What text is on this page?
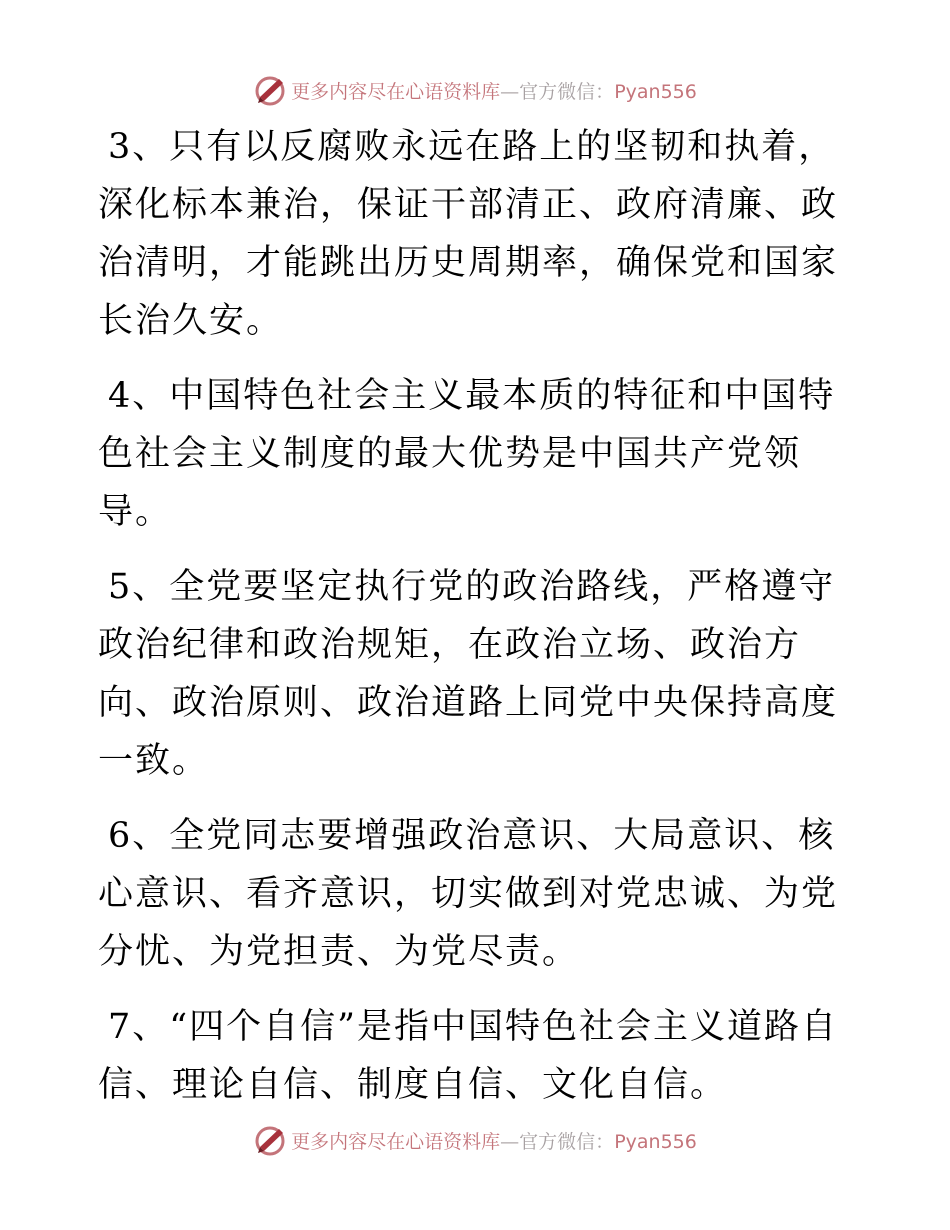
更多内容尽在心语资料库—官方微信：Pyan556

3、只有以反腐败永远在路上的坚韧和执着，深化标本兼治，保证干部清正、政府清廉、政治清明，才能跳出历史周期率，确保党和国家长治久安。

4、中国特色社会主义最本质的特征和中国特色社会主义制度的最大优势是中国共产党领导。

5、全党要坚定执行党的政治路线，严格遵守政治纪律和政治规矩，在政治立场、政治方向、政治原则、政治道路上同党中央保持高度一致。

6、全党同志要增强政治意识、大局意识、核心意识、看齐意识，切实做到对党忠诚、为党分忧、为党担责、为党尽责。

7、“四个自信”是指中国特色社会主义道路自信、理论自信、制度自信、文化自信。

更多内容尽在心语资料库—官方微信：Pyan556
